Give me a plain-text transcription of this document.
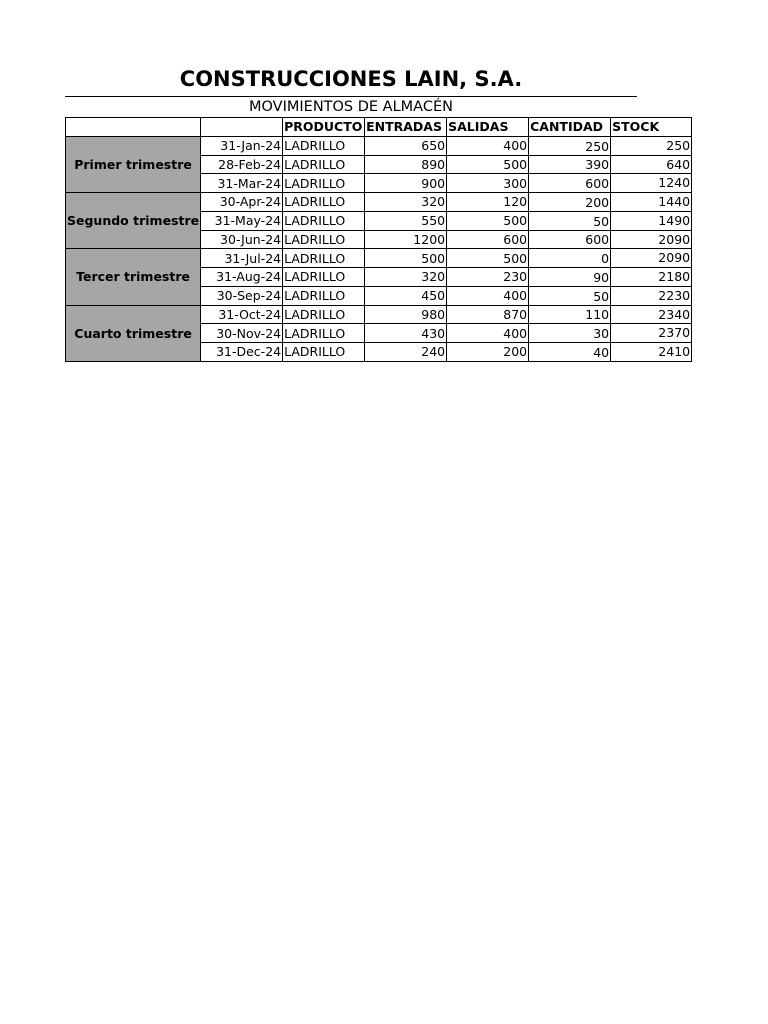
CONSTRUCCIONES LAIN, S.A.
MOVIMIENTOS DE ALMACÉN
		PRODUCTO	ENTRADAS	SALIDAS	CANTIDAD	STOCK
Primer trimestre	31-Jan-24	LADRILLO	650	400	250	250
	28-Feb-24	LADRILLO	890	500	390	640
	31-Mar-24	LADRILLO	900	300	600	1240
Segundo trimestre	30-Apr-24	LADRILLO	320	120	200	1440
	31-May-24	LADRILLO	550	500	50	1490
	30-Jun-24	LADRILLO	1200	600	600	2090
Tercer trimestre	31-Jul-24	LADRILLO	500	500	0	2090
	31-Aug-24	LADRILLO	320	230	90	2180
	30-Sep-24	LADRILLO	450	400	50	2230
Cuarto trimestre	31-Oct-24	LADRILLO	980	870	110	2340
	30-Nov-24	LADRILLO	430	400	30	2370
	31-Dec-24	LADRILLO	240	200	40	2410
